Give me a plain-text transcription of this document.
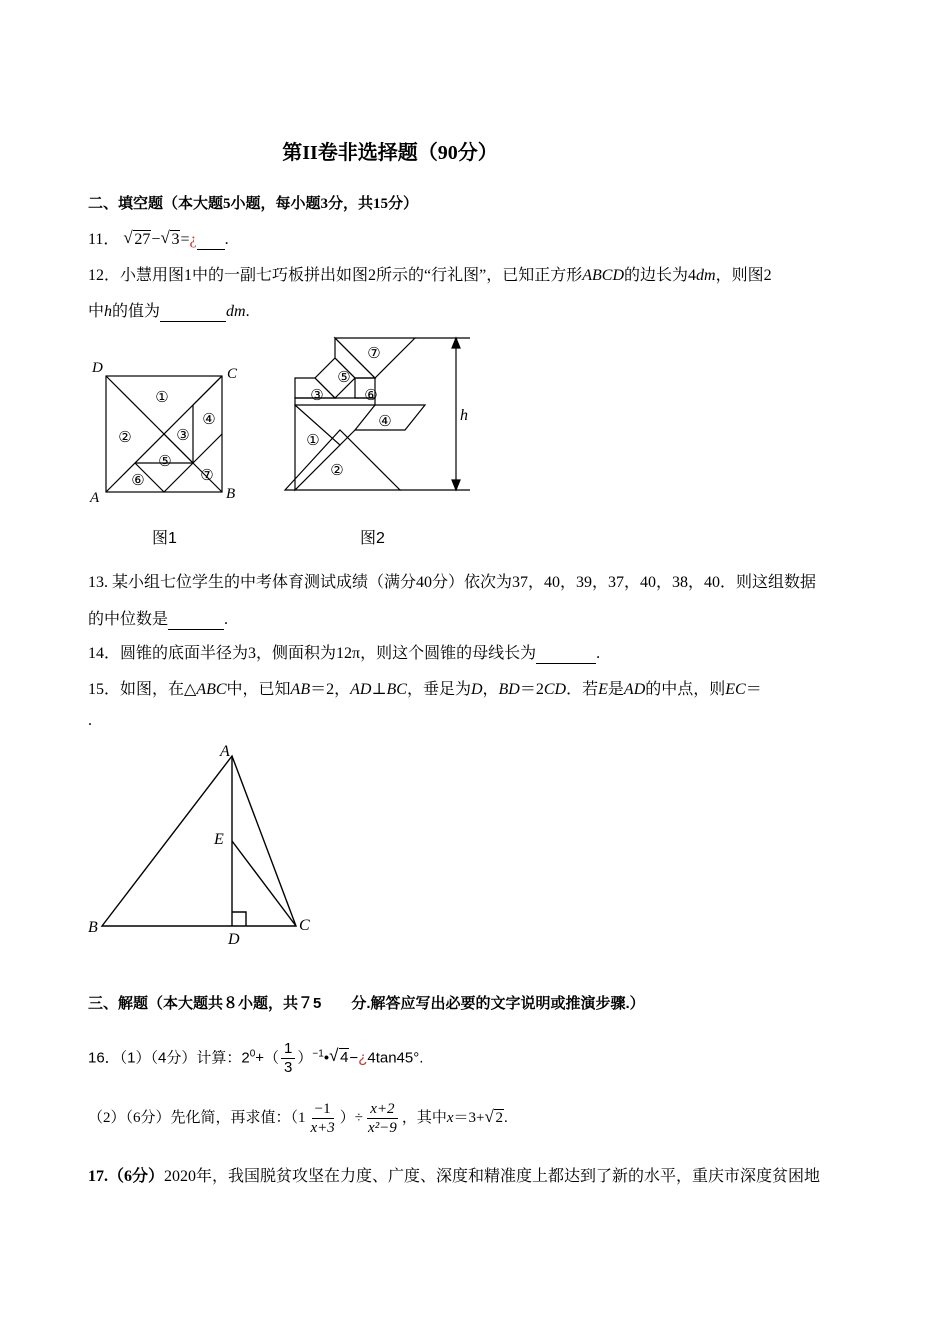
第II卷非选择题（90分）
二、填空题（本大题5小题，每小题3分，共15分）
11． √ 27− √ 3=¿ .
12．小慧用图1中的一副七巧板拼出如图2所示的“行礼图”，已知正方形ABCD的边长为4dm，则图2
中h的值为	dm.
①
②	③
④
⑤
⑥	⑦
D	C
A	B
图1
①
②
③
④
⑤
⑥
⑦
h
图2
13. 某小组七位学生的中考体育测试成绩（满分40分）依次为37，40，39，37，40，38，40．则这组数据
的中位数是	.
14．圆锥的底面半径为3，侧面积为12π，则这个圆锥的母线长为	.
15．如图，在△ABC中，已知AB＝2，AD⊥BC，垂足为D，BD＝2CD．若E是AD的中点，则EC＝
.
A
B	C
D
E
三、解题（本大题共８小题，共７5　　分.解答应写出必要的文字说明或推演步骤.）
16．（1）（4分）计算：$2^0+( \frac{1}{3}$ ）$^{-1}•$ √ 4−¿4tan45°.
（2）（6分）先化简，再求值：（$1 \frac{-1}{x+3}$ ）÷ $\frac{x+2}{\text{x²−9}}$ ，其中x＝3+ √ 2.
17.（6分）2020年，我国脱贫攻坚在力度、广度、深度和精准度上都达到了新的水平，重庆市深度贫困地
